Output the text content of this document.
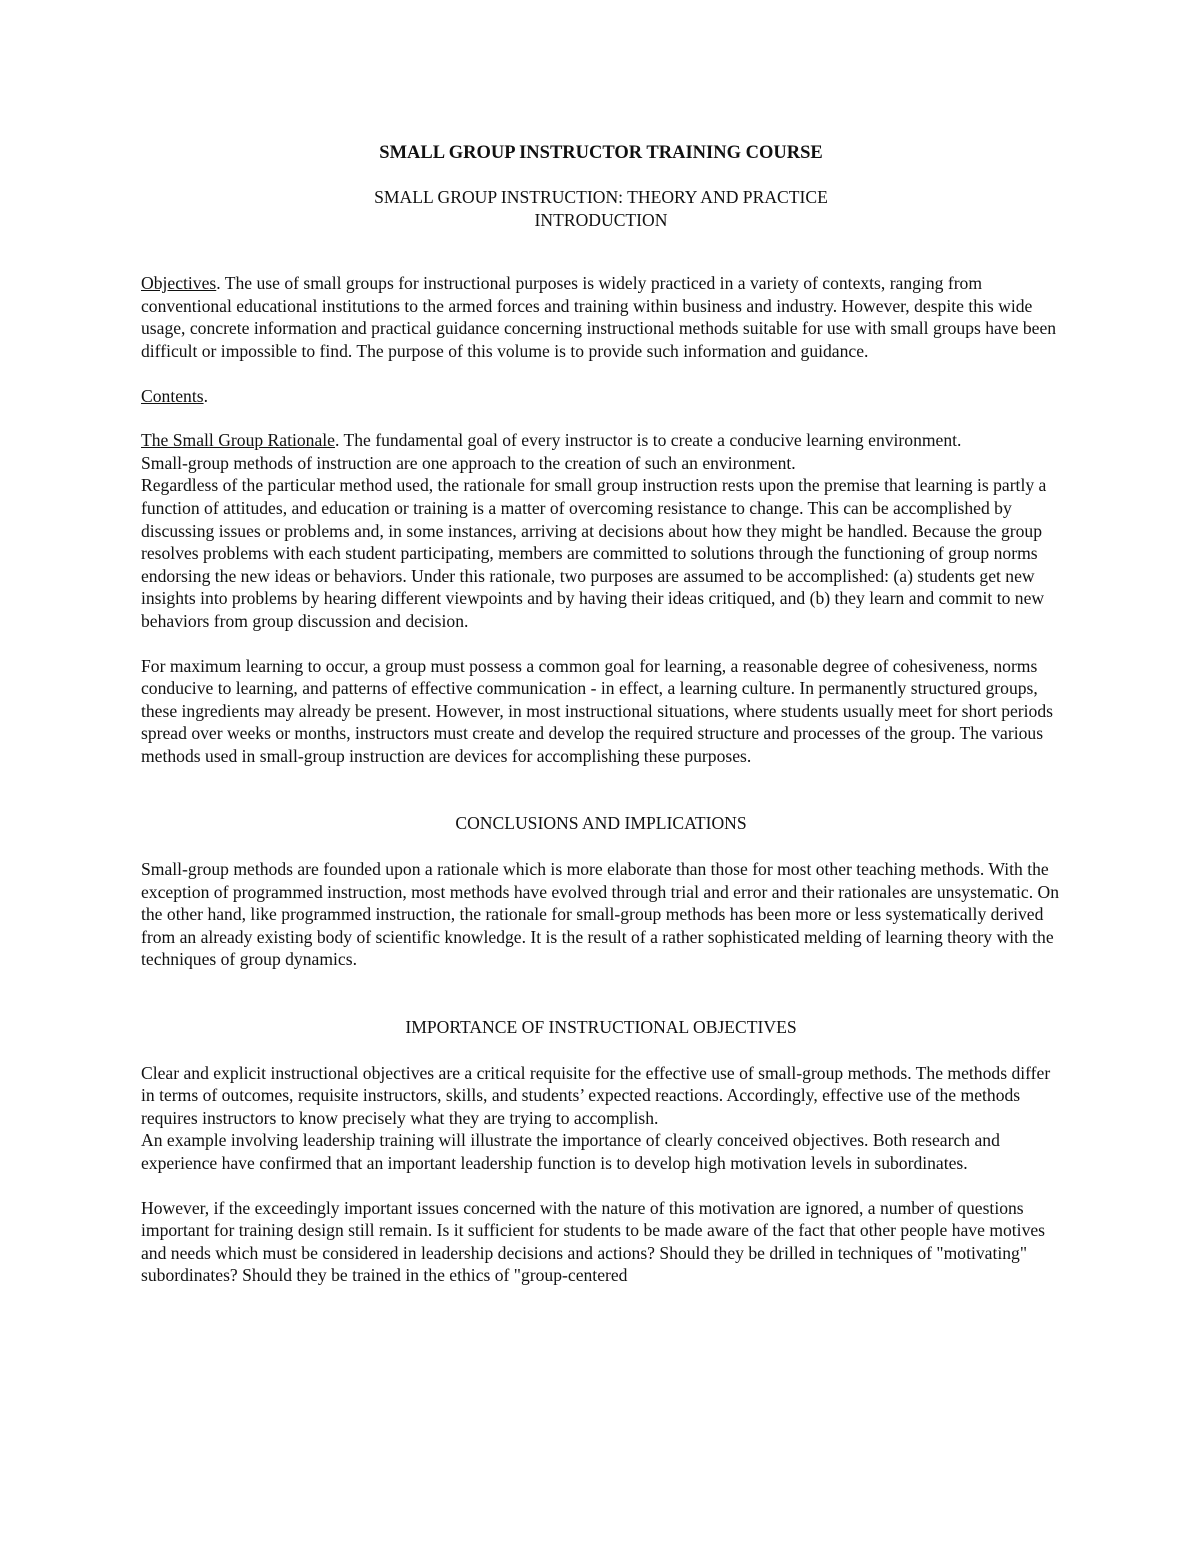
SMALL GROUP INSTRUCTOR TRAINING COURSE

SMALL GROUP INSTRUCTION: THEORY AND PRACTICE

INTRODUCTION

Objectives. The use of small groups for instructional purposes is widely practiced in a variety of contexts, ranging from conventional educational institutions to the armed forces and training within business and industry. However, despite this wide usage, concrete information and practical guidance concerning instructional methods suitable for use with small groups have been difficult or impossible to find. The purpose of this volume is to provide such information and guidance.

Contents.

The Small Group Rationale. The fundamental goal of every instructor is to create a conducive learning environment.

Small-group methods of instruction are one approach to the creation of such an environment.

Regardless of the particular method used, the rationale for small group instruction rests upon the premise that learning is partly a function of attitudes, and education or training is a matter of overcoming resistance to change. This can be accomplished by discussing issues or problems and, in some instances, arriving at decisions about how they might be handled. Because the group resolves problems with each student participating, members are committed to solutions through the functioning of group norms endorsing the new ideas or behaviors. Under this rationale, two purposes are assumed to be accomplished: (a) students get new insights into problems by hearing different viewpoints and by having their ideas critiqued, and (b) they learn and commit to new behaviors from group discussion and decision.

For maximum learning to occur, a group must possess a common goal for learning, a reasonable degree of cohesiveness, norms conducive to learning, and patterns of effective communication - in effect, a learning culture. In permanently structured groups, these ingredients may already be present. However, in most instructional situations, where students usually meet for short periods spread over weeks or months, instructors must create and develop the required structure and processes of the group. The various methods used in small-group instruction are devices for accomplishing these purposes.

CONCLUSIONS AND IMPLICATIONS

Small-group methods are founded upon a rationale which is more elaborate than those for most other teaching methods. With the exception of programmed instruction, most methods have evolved through trial and error and their rationales are unsystematic. On the other hand, like programmed instruction, the rationale for small-group methods has been more or less systematically derived from an already existing body of scientific knowledge. It is the result of a rather sophisticated melding of learning theory with the techniques of group dynamics.

IMPORTANCE OF INSTRUCTIONAL OBJECTIVES

Clear and explicit instructional objectives are a critical requisite for the effective use of small-group methods. The methods differ in terms of outcomes, requisite instructors, skills, and students’ expected reactions. Accordingly, effective use of the methods requires instructors to know precisely what they are trying to accomplish.

An example involving leadership training will illustrate the importance of clearly conceived objectives. Both research and experience have confirmed that an important leadership function is to develop high motivation levels in subordinates.

However, if the exceedingly important issues concerned with the nature of this motivation are ignored, a number of questions important for training design still remain. Is it sufficient for students to be made aware of the fact that other people have motives and needs which must be considered in leadership decisions and actions? Should they be drilled in techniques of "motivating" subordinates? Should they be trained in the ethics of "group-centered
